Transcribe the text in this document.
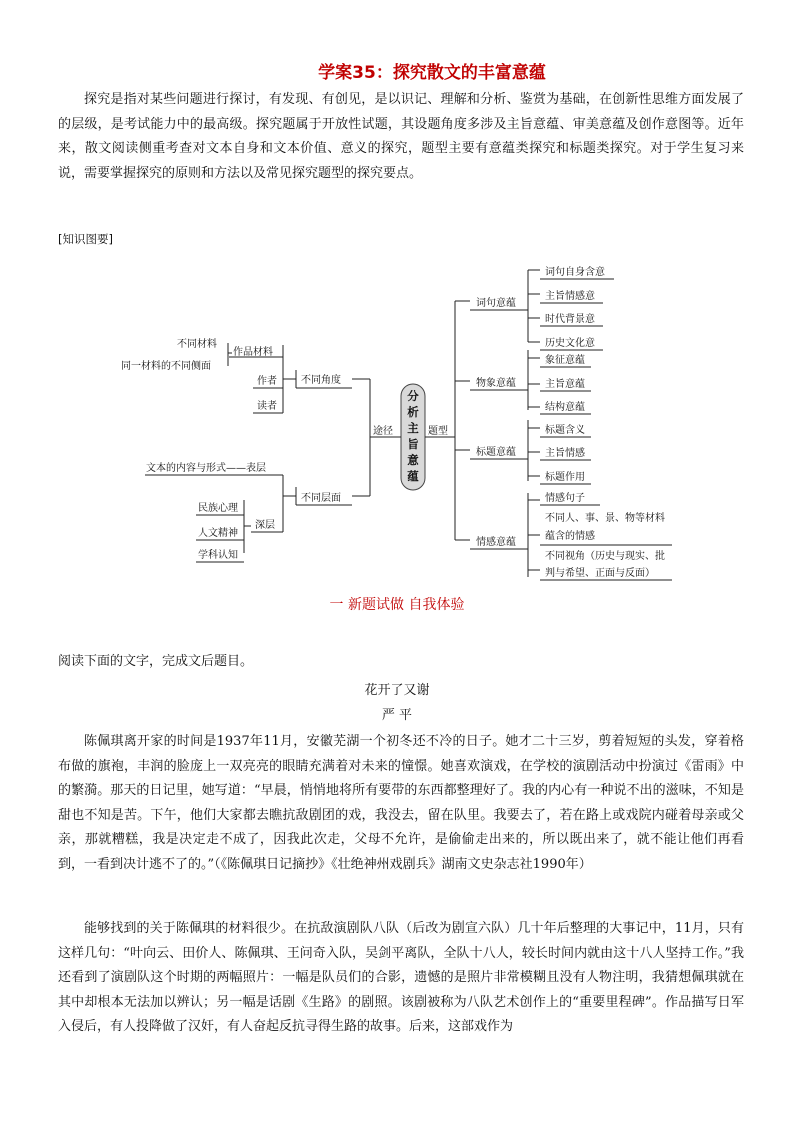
学案35：探究散文的丰富意蕴
探究是指对某些问题进行探讨，有发现、有创见，是以识记、理解和分析、鉴赏为基础，在创新性思维方面发展了的层级，是考试能力中的最高级。探究题属于开放性试题，其设题角度多涉及主旨意蕴、审美意蕴及创作意图等。近年来，散文阅读侧重考查对文本自身和文本价值、意义的探究，题型主要有意蕴类探究和标题类探究。对于学生复习来说，需要掌握探究的原则和方法以及常见探究题型的探究要点。
[知识图要]
分
析
主
旨
意
蕴
途径	题型
不同角度
不同层面
作品材料
不同材料
同一材料的不同侧面
作者
读者
文本的内容与形式——表层
深层
民族心理
人文精神
学科认知
词句意蕴
物象意蕴
标题意蕴
情感意蕴
词句自身含意
主旨情感意
时代背景意
历史文化意
象征意蕴
主旨意蕴
结构意蕴
标题含义
主旨情感
标题作用
情感句子
不同人、事、景、物等材料
蕴含的情感
不同视角（历史与现实、批
判与希望、正面与反面）
一 新题试做 自我体验
阅读下面的文字，完成文后题目。
花开了又谢
严 平
陈佩琪离开家的时间是1937年11月，安徽芜湖一个初冬还不冷的日子。她才二十三岁，剪着短短的头发，穿着格布做的旗袍，丰润的脸庞上一双亮亮的眼睛充满着对未来的憧憬。她喜欢演戏，在学校的演剧活动中扮演过《雷雨》中的繁漪。那天的日记里，她写道：“早晨，悄悄地将所有要带的东西都整理好了。我的内心有一种说不出的滋味，不知是甜也不知是苦。下午，他们大家都去瞧抗敌剧团的戏，我没去，留在队里。我要去了，若在路上或戏院内碰着母亲或父亲，那就糟糕，我是决定走不成了，因我此次走，父母不允许，是偷偷走出来的，所以既出来了，就不能让他们再看到，一看到决计逃不了的。”（《陈佩琪日记摘抄》《壮绝神州戏剧兵》湖南文史杂志社1990年）
能够找到的关于陈佩琪的材料很少。在抗敌演剧队八队（后改为剧宣六队）几十年后整理的大事记中，11月，只有这样几句：“叶向云、田价人、陈佩琪、王问奇入队，吴剑平离队，全队十八人，较长时间内就由这十八人坚持工作。”我还看到了演剧队这个时期的两幅照片：一幅是队员们的合影，遗憾的是照片非常模糊且没有人物注明，我猜想佩琪就在其中却根本无法加以辨认；另一幅是话剧《生路》的剧照。该剧被称为八队艺术创作上的“重要里程碑”。作品描写日军入侵后，有人投降做了汉奸，有人奋起反抗寻得生路的故事。后来，这部戏作为
